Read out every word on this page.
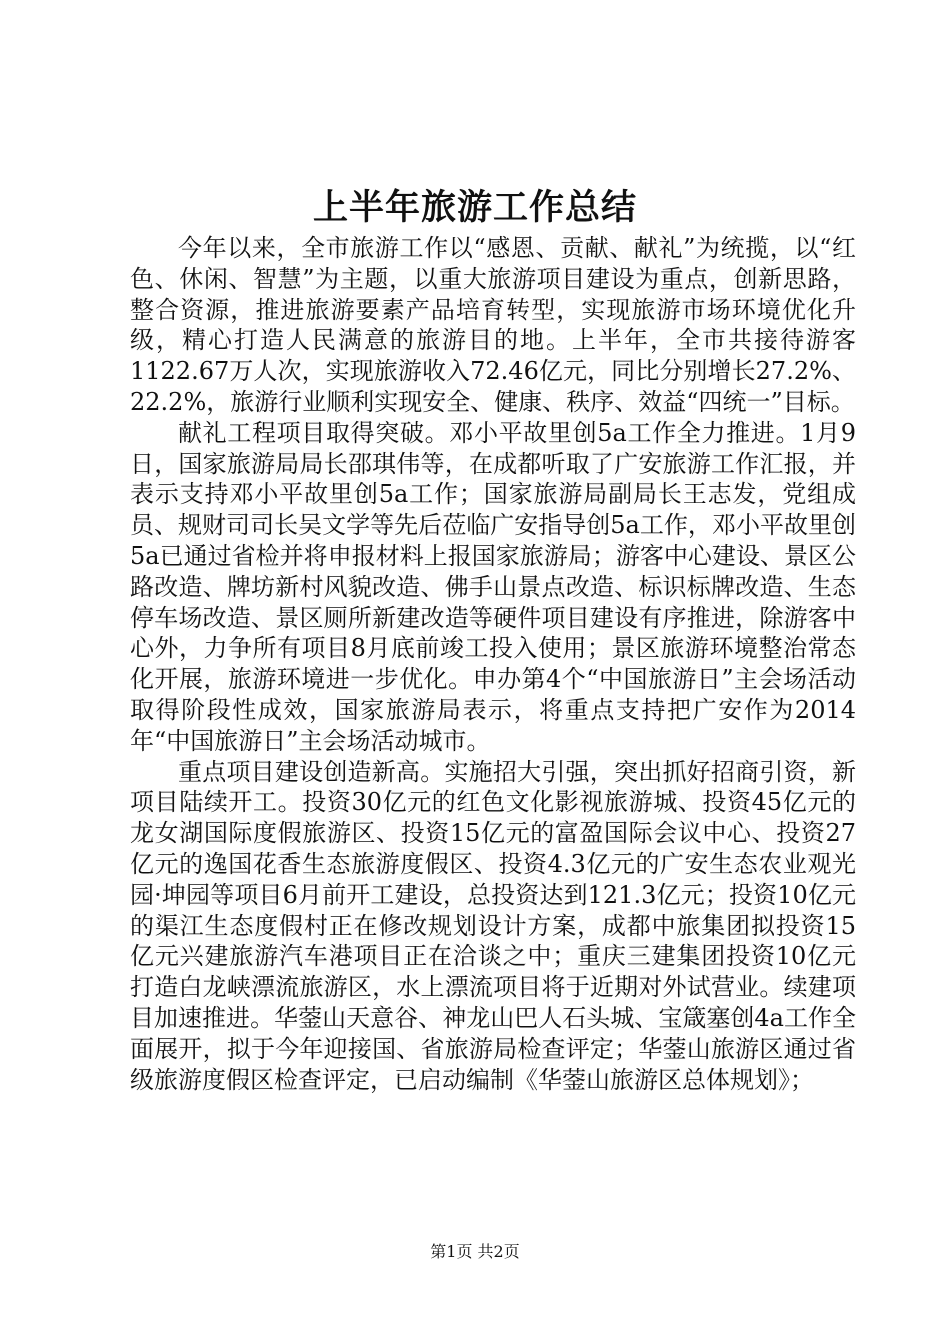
上半年旅游工作总结

今年以来，全市旅游工作以“感恩、贡献、献礼”为统揽，以“红色、休闲、智慧”为主题，以重大旅游项目建设为重点，创新思路，整合资源，推进旅游要素产品培育转型，实现旅游市场环境优化升级，精心打造人民满意的旅游目的地。上半年，全市共接待游客1122.67万人次，实现旅游收入72.46亿元，同比分别增长27.2%、22.2%，旅游行业顺利实现安全、健康、秩序、效益“四统一”目标。

献礼工程项目取得突破。邓小平故里创5a工作全力推进。1月9日，国家旅游局局长邵琪伟等，在成都听取了广安旅游工作汇报，并表示支持邓小平故里创5a工作；国家旅游局副局长王志发，党组成员、规财司司长吴文学等先后莅临广安指导创5a工作，邓小平故里创5a已通过省检并将申报材料上报国家旅游局；游客中心建设、景区公路改造、牌坊新村风貌改造、佛手山景点改造、标识标牌改造、生态停车场改造、景区厕所新建改造等硬件项目建设有序推进，除游客中心外，力争所有项目8月底前竣工投入使用；景区旅游环境整治常态化开展，旅游环境进一步优化。申办第4个“中国旅游日”主会场活动取得阶段性成效，国家旅游局表示，将重点支持把广安作为2014年“中国旅游日”主会场活动城市。

重点项目建设创造新高。实施招大引强，突出抓好招商引资，新项目陆续开工。投资30亿元的红色文化影视旅游城、投资45亿元的龙女湖国际度假旅游区、投资15亿元的富盈国际会议中心、投资27亿元的逸国花香生态旅游度假区、投资4.3亿元的广安生态农业观光园·坤园等项目6月前开工建设，总投资达到121.3亿元；投资10亿元的渠江生态度假村正在修改规划设计方案，成都中旅集团拟投资15亿元兴建旅游汽车港项目正在洽谈之中；重庆三建集团投资10亿元打造白龙峡漂流旅游区，水上漂流项目将于近期对外试营业。续建项目加速推进。华蓥山天意谷、神龙山巴人石头城、宝箴塞创4a工作全面展开，拟于今年迎接国、省旅游局检查评定；华蓥山旅游区通过省级旅游度假区检查评定，已启动编制《华蓥山旅游区总体规划》；

第1页 共2页
